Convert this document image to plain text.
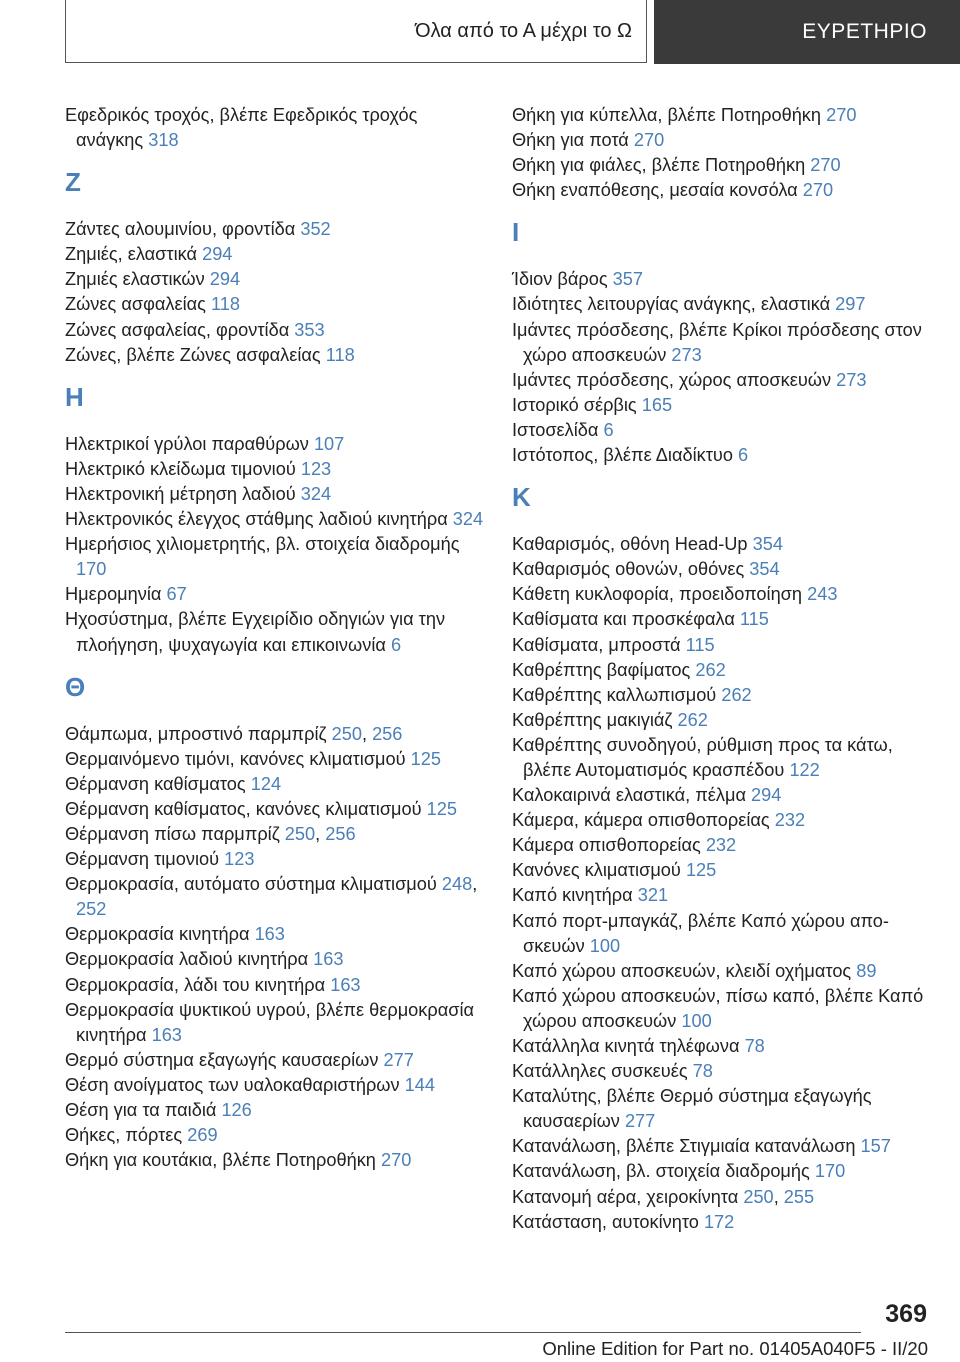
Όλα από το Α μέχρι το Ω	ΕΥΡΕΤΗΡΙΟ
Εφεδρικός τροχός, βλέπε Εφεδρικός τροχός ανάγκης 318
Ζ
Ζάντες αλουμινίου, φροντίδα 352
Ζημιές, ελαστικά 294
Ζημιές ελαστικών 294
Ζώνες ασφαλείας 118
Ζώνες ασφαλείας, φροντίδα 353
Ζώνες, βλέπε Ζώνες ασφαλείας 118
Η
Ηλεκτρικοί γρύλοι παραθύρων 107
Ηλεκτρικό κλείδωμα τιμονιού 123
Ηλεκτρονική μέτρηση λαδιού 324
Ηλεκτρονικός έλεγχος στάθμης λαδιού κινητήρα 324
Ημερήσιος χιλιομετρητής, βλ. στοιχεία διαδρομής 170
Ημερομηνία 67
Ηχοσύστημα, βλέπε Εγχειρίδιο οδηγιών για την πλοήγηση, ψυχαγωγία και επικοινωνία 6
Θ
Θάμπωμα, μπροστινό παρμπρίζ 250, 256
Θερμαινόμενο τιμόνι, κανόνες κλιματισμού 125
Θέρμανση καθίσματος 124
Θέρμανση καθίσματος, κανόνες κλιματισμού 125
Θέρμανση πίσω παρμπρίζ 250, 256
Θέρμανση τιμονιού 123
Θερμοκρασία, αυτόματο σύστημα κλιματισμού 248, 252
Θερμοκρασία κινητήρα 163
Θερμοκρασία λαδιού κινητήρα 163
Θερμοκρασία, λάδι του κινητήρα 163
Θερμοκρασία ψυκτικού υγρού, βλέπε θερμοκρασία κινητήρα 163
Θερμό σύστημα εξαγωγής καυσαερίων 277
Θέση ανοίγματος των υαλοκαθαριστήρων 144
Θέση για τα παιδιά 126
Θήκες, πόρτες 269
Θήκη για κουτάκια, βλέπε Ποτηροθήκη 270
Θήκη για κύπελλα, βλέπε Ποτηροθήκη 270
Θήκη για ποτά 270
Θήκη για φιάλες, βλέπε Ποτηροθήκη 270
Θήκη εναπόθεσης, μεσαία κονσόλα 270
Ι
Ίδιον βάρος 357
Ιδιότητες λειτουργίας ανάγκης, ελαστικά 297
Ιμάντες πρόσδεσης, βλέπε Κρίκοι πρόσδεσης στον χώρο αποσκευών 273
Ιμάντες πρόσδεσης, χώρος αποσκευών 273
Ιστορικό σέρβις 165
Ιστοσελίδα 6
Ιστότοπος, βλέπε Διαδίκτυο 6
Κ
Καθαρισμός, οθόνη Head-Up 354
Καθαρισμός οθονών, οθόνες 354
Κάθετη κυκλοφορία, προειδοποίηση 243
Καθίσματα και προσκέφαλα 115
Καθίσματα, μπροστά 115
Καθρέπτης βαφίματος 262
Καθρέπτης καλλωπισμού 262
Καθρέπτης μακιγιάζ 262
Καθρέπτης συνοδηγού, ρύθμιση προς τα κάτω, βλέπε Αυτοματισμός κρασπέδου 122
Καλοκαιρινά ελαστικά, πέλμα 294
Κάμερα, κάμερα οπισθοπορείας 232
Κάμερα οπισθοπορείας 232
Κανόνες κλιματισμού 125
Καπό κινητήρα 321
Καπό πορτ-μπαγκάζ, βλέπε Καπό χώρου αποσκευών 100
Καπό χώρου αποσκευών, κλειδί οχήματος 89
Καπό χώρου αποσκευών, πίσω καπό, βλέπε Καπό χώρου αποσκευών 100
Κατάλληλα κινητά τηλέφωνα 78
Κατάλληλες συσκευές 78
Καταλύτης, βλέπε Θερμό σύστημα εξαγωγής καυσαερίων 277
Κατανάλωση, βλέπε Στιγμιαία κατανάλωση 157
Κατανάλωση, βλ. στοιχεία διαδρομής 170
Κατανομή αέρα, χειροκίνητα 250, 255
Κατάσταση, αυτοκίνητο 172
369
Online Edition for Part no. 01405A040F5 - II/20
